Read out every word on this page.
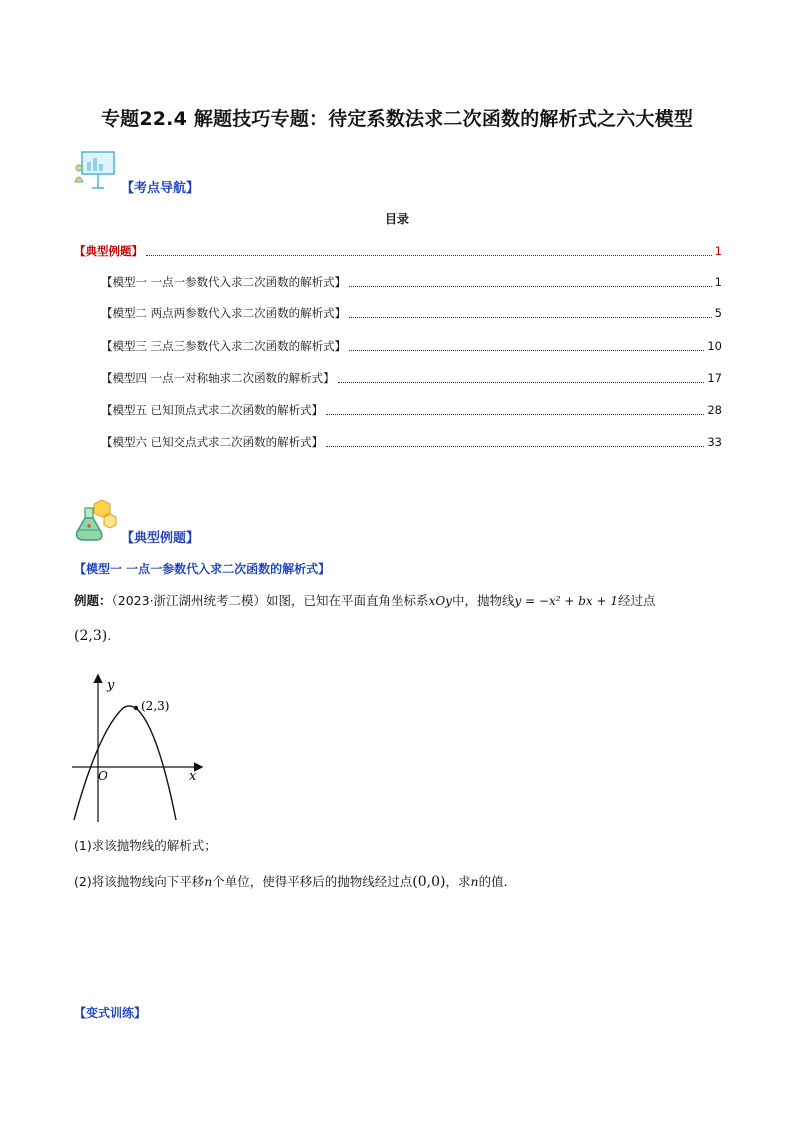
专题22.4 解题技巧专题：待定系数法求二次函数的解析式之六大模型
【考点导航】
目录
【典型例题】	1
【模型一 一点一参数代入求二次函数的解析式】	1
【模型二 两点两参数代入求二次函数的解析式】	5
【模型三 三点三参数代入求二次函数的解析式】	10
【模型四 一点一对称轴求二次函数的解析式】	17
【模型五 已知顶点式求二次函数的解析式】	28
【模型六 已知交点式求二次函数的解析式】	33
【典型例题】
【模型一 一点一参数代入求二次函数的解析式】
例题：（2023·浙江湖州统考二模）如图，已知在平面直角坐标系xOy中，抛物线y = −x² + bx + 1经过点
(2,3).
y
x
O
(2,3)
(1)求该抛物线的解析式；
(2)将该抛物线向下平移n个单位，使得平移后的抛物线经过点(0,0)，求n的值．
【变式训练】
